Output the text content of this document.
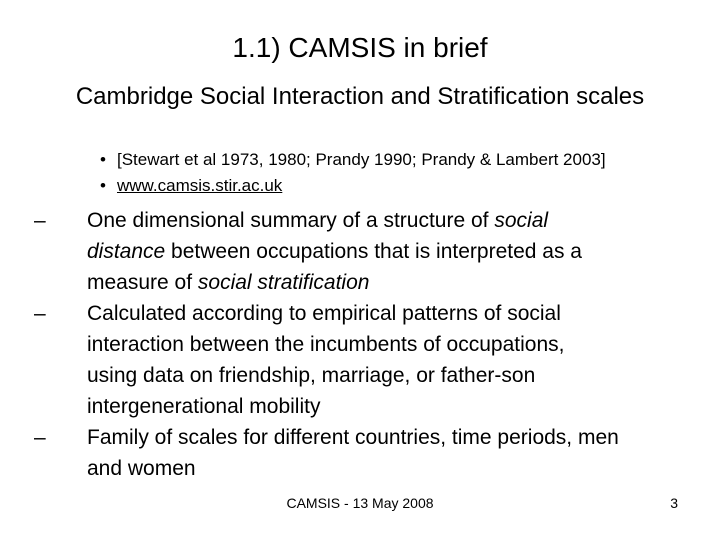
1.1) CAMSIS in brief
Cambridge Social Interaction and Stratification scales
• [Stewart et al 1973, 1980; Prandy 1990; Prandy & Lambert 2003]
• www.camsis.stir.ac.uk
– One dimensional summary of a structure of social
distance between occupations that is interpreted as a
measure of social stratification
– Calculated according to empirical patterns of social
interaction between the incumbents of occupations,
using data on friendship, marriage, or father-son
intergenerational mobility
– Family of scales for different countries, time periods, men
and women
CAMSIS - 13 May 2008	3
